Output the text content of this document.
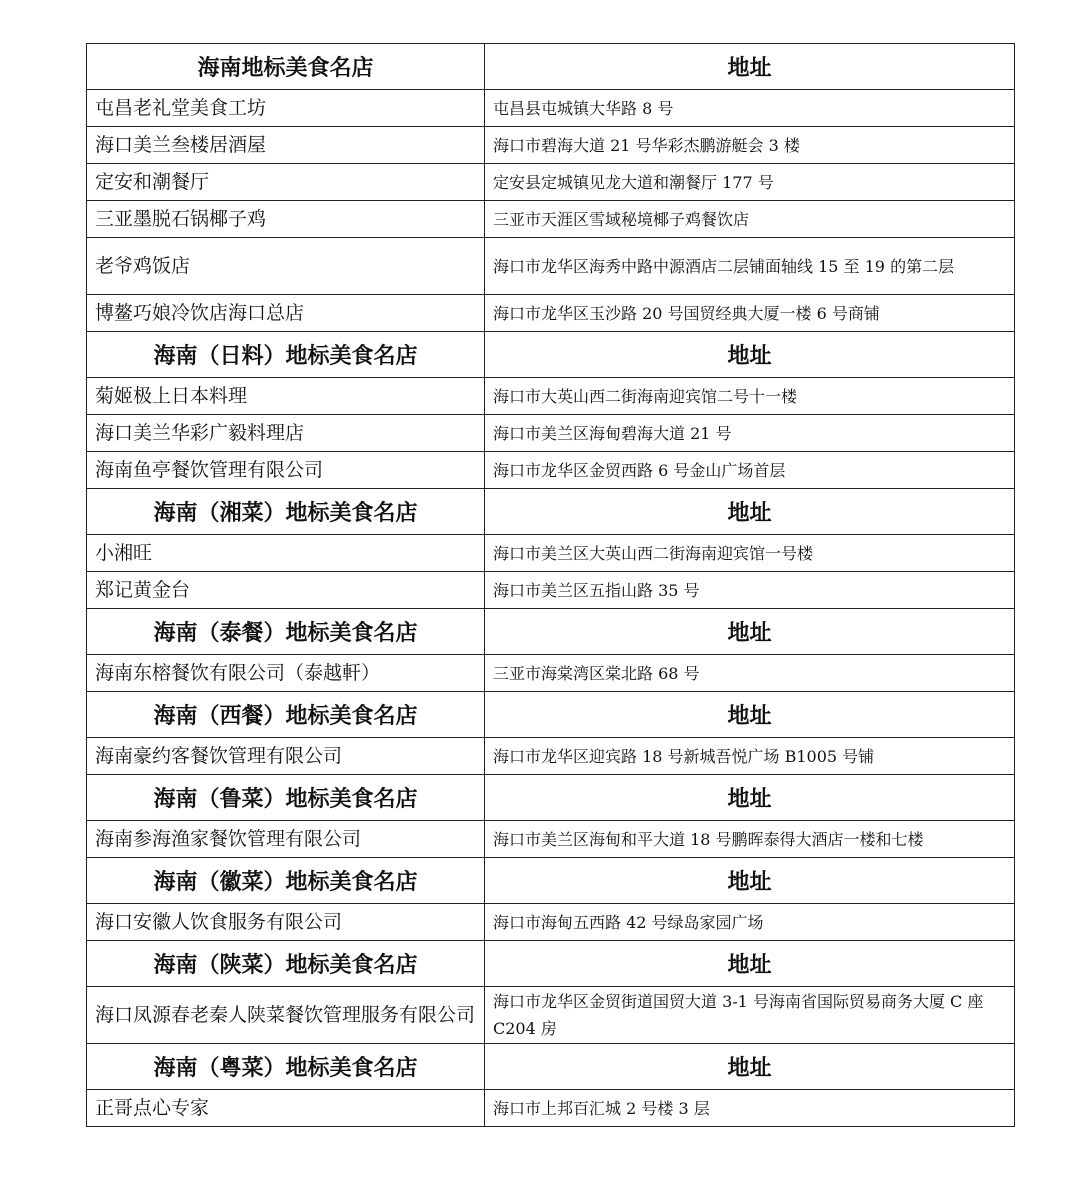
海南地标美食名店	地址
屯昌老礼堂美食工坊	屯昌县屯城镇大华路 8 号
海口美兰叁楼居酒屋	海口市碧海大道 21 号华彩杰鹏游艇会 3 楼
定安和潮餐厅	定安县定城镇见龙大道和潮餐厅 177 号
三亚墨脱石锅椰子鸡	三亚市天涯区雪域秘境椰子鸡餐饮店
老爷鸡饭店	海口市龙华区海秀中路中源酒店二层铺面轴线 15 至 19 的第二层
博鳌巧娘冷饮店海口总店	海口市龙华区玉沙路 20 号国贸经典大厦一楼 6 号商铺
海南（日料）地标美食名店	地址
菊姬极上日本料理	海口市大英山西二街海南迎宾馆二号十一楼
海口美兰华彩广毅料理店	海口市美兰区海甸碧海大道 21 号
海南鱼亭餐饮管理有限公司	海口市龙华区金贸西路 6 号金山广场首层
海南（湘菜）地标美食名店	地址
小湘旺	海口市美兰区大英山西二街海南迎宾馆一号楼
郑记黄金台	海口市美兰区五指山路 35 号
海南（泰餐）地标美食名店	地址
海南东榕餐饮有限公司（泰越軒）	三亚市海棠湾区棠北路 68 号
海南（西餐）地标美食名店	地址
海南豪约客餐饮管理有限公司	海口市龙华区迎宾路 18 号新城吾悦广场 B1005 号铺
海南（鲁菜）地标美食名店	地址
海南参海渔家餐饮管理有限公司	海口市美兰区海甸和平大道 18 号鹏晖泰得大酒店一楼和七楼
海南（徽菜）地标美食名店	地址
海口安徽人饮食服务有限公司	海口市海甸五西路 42 号绿岛家园广场
海南（陕菜）地标美食名店	地址
海口凤源春老秦人陕菜餐饮管理服务有限公司	海口市龙华区金贸街道国贸大道 3-1 号海南省国际贸易商务大厦 C 座 C204 房
海南（粤菜）地标美食名店	地址
正哥点心专家	海口市上邦百汇城 2 号楼 3 层
